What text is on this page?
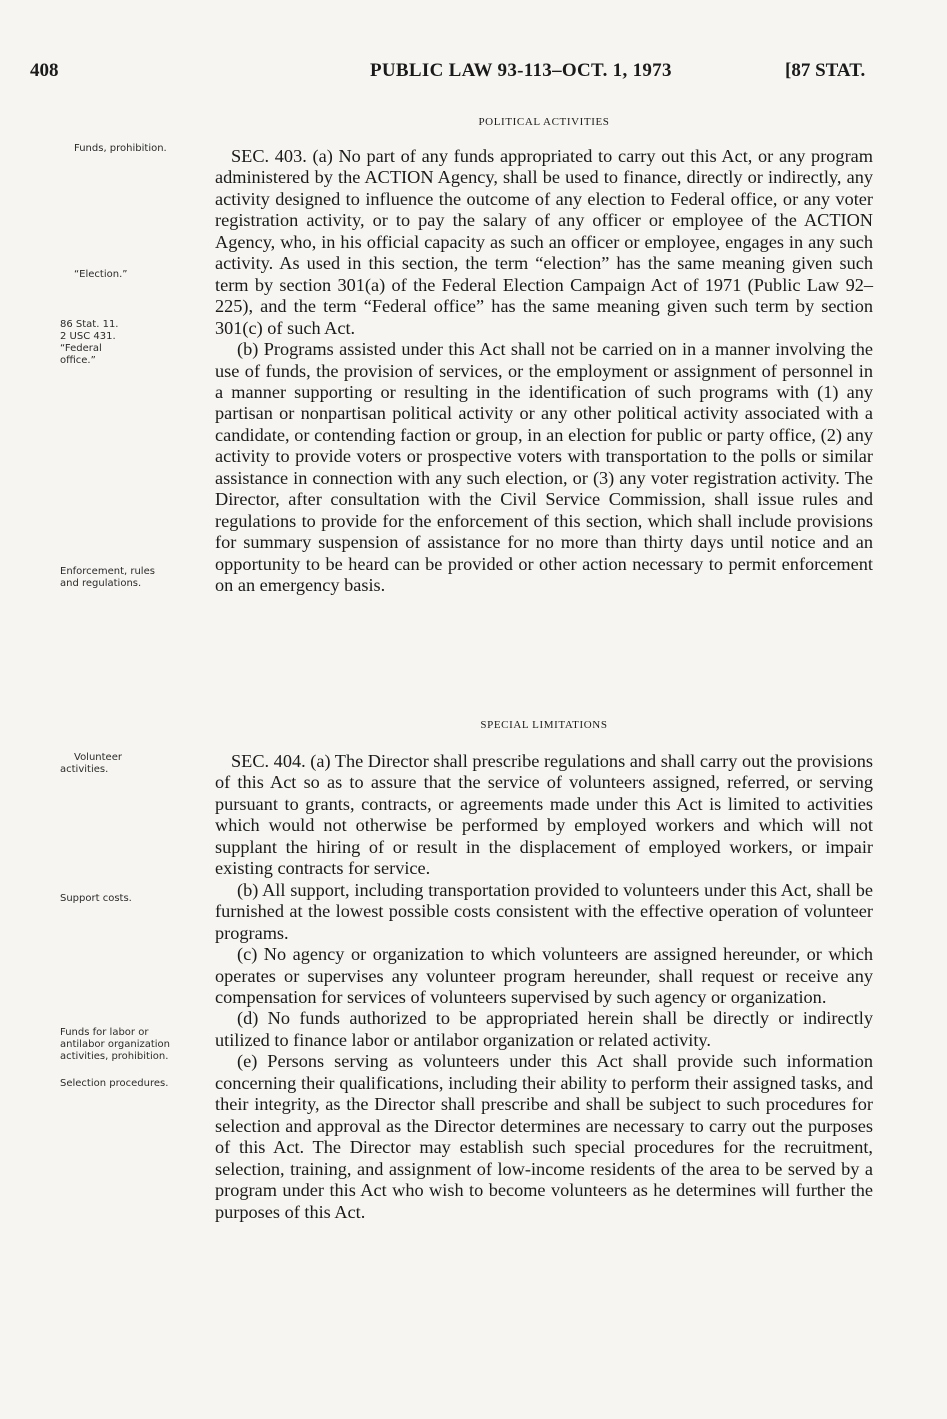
408	PUBLIC LAW 93-113–OCT. 1, 1973	[87 STAT.
Funds, prohibition.
“Election.”
86 Stat. 11.
2 USC 431.
“Federal office.”
Enforcement, rules and regulations.
Volunteer activities.
Support costs.
Funds for labor or antilabor organization activities, prohibition.
Selection procedures.
POLITICAL ACTIVITIES

SEC. 403. (a) No part of any funds appropriated to carry out this Act, or any program administered by the ACTION Agency, shall be used to finance, directly or indirectly, any activity designed to influence the outcome of any election to Federal office, or any voter registration activity, or to pay the salary of any officer or employee of the ACTION Agency, who, in his official capacity as such an officer or employee, engages in any such activity. As used in this section, the term “election” has the same meaning given such term by section 301(a) of the Federal Election Campaign Act of 1971 (Public Law 92–225), and the term “Federal office” has the same meaning given such term by section 301(c) of such Act.

(b) Programs assisted under this Act shall not be carried on in a manner involving the use of funds, the provision of services, or the employment or assignment of personnel in a manner supporting or resulting in the identification of such programs with (1) any partisan or nonpartisan political activity or any other political activity associated with a candidate, or contending faction or group, in an election for public or party office, (2) any activity to provide voters or prospective voters with transportation to the polls or similar assistance in connection with any such election, or (3) any voter registration activity. The Director, after consultation with the Civil Service Commission, shall issue rules and regulations to provide for the enforcement of this section, which shall include provisions for summary suspension of assistance for no more than thirty days until notice and an opportunity to be heard can be provided or other action necessary to permit enforcement on an emergency basis.

SPECIAL LIMITATIONS

SEC. 404. (a) The Director shall prescribe regulations and shall carry out the provisions of this Act so as to assure that the service of volunteers assigned, referred, or serving pursuant to grants, contracts, or agreements made under this Act is limited to activities which would not otherwise be performed by employed workers and which will not supplant the hiring of or result in the displacement of employed workers, or impair existing contracts for service.

(b) All support, including transportation provided to volunteers under this Act, shall be furnished at the lowest possible costs consistent with the effective operation of volunteer programs.

(c) No agency or organization to which volunteers are assigned hereunder, or which operates or supervises any volunteer program hereunder, shall request or receive any compensation for services of volunteers supervised by such agency or organization.

(d) No funds authorized to be appropriated herein shall be directly or indirectly utilized to finance labor or antilabor organization or related activity.

(e) Persons serving as volunteers under this Act shall provide such information concerning their qualifications, including their ability to perform their assigned tasks, and their integrity, as the Director shall prescribe and shall be subject to such procedures for selection and approval as the Director determines are necessary to carry out the purposes of this Act. The Director may establish such special procedures for the recruitment, selection, training, and assignment of low-income residents of the area to be served by a program under this Act who wish to become volunteers as he determines will further the purposes of this Act.
